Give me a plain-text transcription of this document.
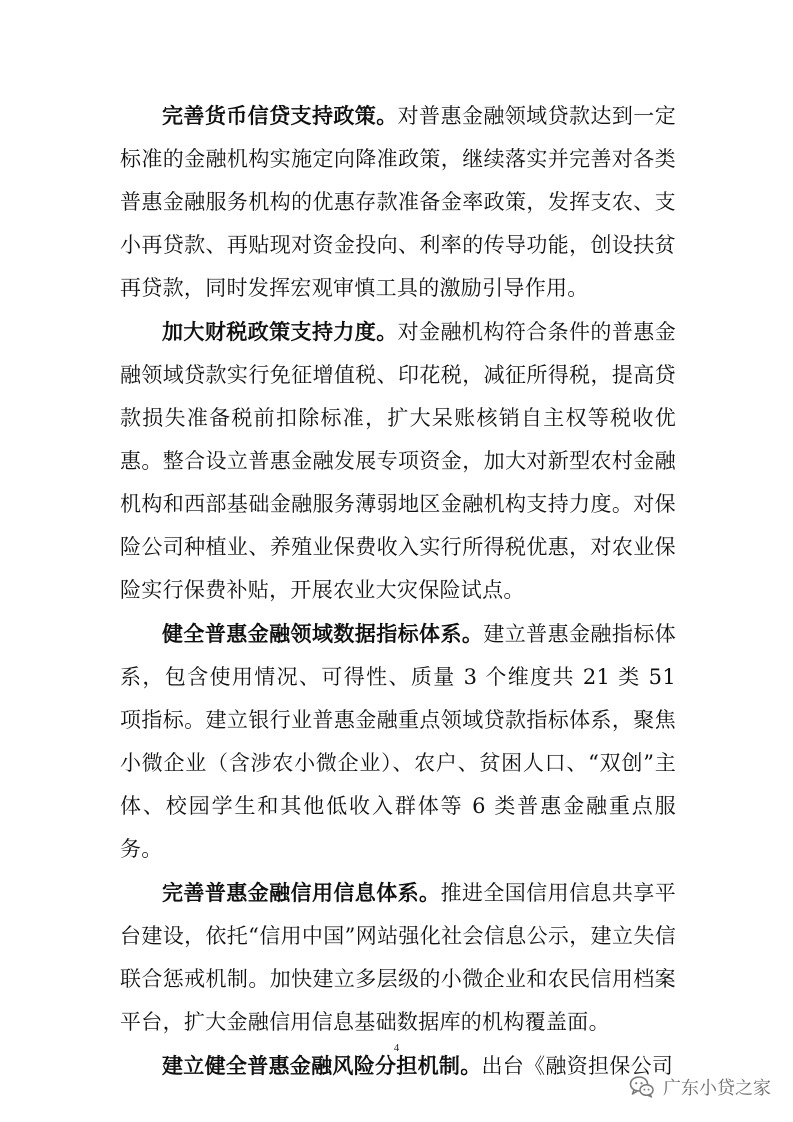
完善货币信贷支持政策。对普惠金融领域贷款达到一定标准的金融机构实施定向降准政策，继续落实并完善对各类普惠金融服务机构的优惠存款准备金率政策，发挥支农、支小再贷款、再贴现对资金投向、利率的传导功能，创设扶贫再贷款，同时发挥宏观审慎工具的激励引导作用。

加大财税政策支持力度。对金融机构符合条件的普惠金融领域贷款实行免征增值税、印花税，减征所得税，提高贷款损失准备税前扣除标准，扩大呆账核销自主权等税收优惠。整合设立普惠金融发展专项资金，加大对新型农村金融机构和西部基础金融服务薄弱地区金融机构支持力度。对保险公司种植业、养殖业保费收入实行所得税优惠，对农业保险实行保费补贴，开展农业大灾保险试点。

健全普惠金融领域数据指标体系。建立普惠金融指标体系，包含使用情况、可得性、质量 3 个维度共 21 类 51 项指标。建立银行业普惠金融重点领域贷款指标体系，聚焦小微企业（含涉农小微企业）、农户、贫困人口、“双创”主体、校园学生和其他低收入群体等 6 类普惠金融重点服务。

完善普惠金融信用信息体系。推进全国信用信息共享平台建设，依托“信用中国”网站强化社会信息公示，建立失信联合惩戒机制。加快建立多层级的小微企业和农民信用档案平台，扩大金融信用信息基础数据库的机构覆盖面。

建立健全普惠金融风险分担机制。出台《融资担保公司

4
广东小贷之家
